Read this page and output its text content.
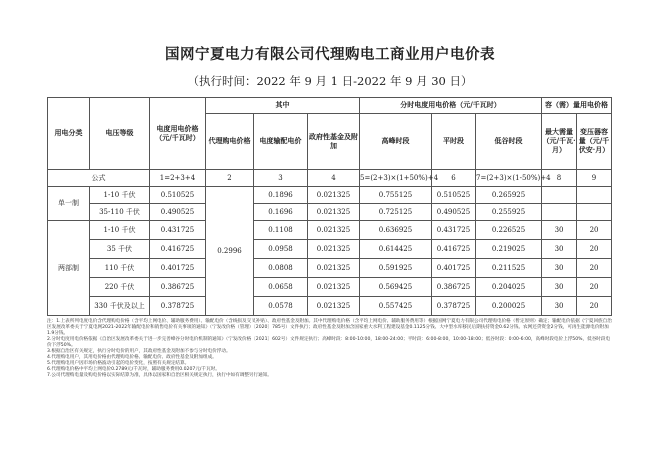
国网宁夏电力有限公司代理购电工商业用户电价表
（执行时间：2022 年 9 月 1 日-2022 年 9 月 30 日）
用电分类	电压等级	电度用电价格（元/千瓦时）	其中			分时电度用电价格（元/千瓦时）			容（需）量用电价格	
			代理购电价格	电度输配电价	政府性基金及附加	高峰时段	平时段	低谷时段	最大需量（元/千瓦·月）	变压器容量（元/千伏安·月）
公式		1=2+3+4	2	3	4	5=(2+3)×(1+50%)+4	6	7=(2+3)×(1-50%)+4	8	9
单一制	1-10 千伏	0.510525	0.2996	0.1896	0.021325	0.755125	0.510525	0.265925		
	35-110 千伏	0.490525		0.1696	0.021325	0.725125	0.490525	0.255925		
两部制	1-10 千伏	0.431725		0.1108	0.021325	0.636925	0.431725	0.226525	30	20
	35 千伏	0.416725		0.0958	0.021325	0.614425	0.416725	0.219025	30	20
	110 千伏	0.401725		0.0808	0.021325	0.591925	0.401725	0.211525	30	20
	220 千伏	0.386725		0.0658	0.021325	0.569425	0.386725	0.204025	30	20
	330 千伏及以上	0.378725		0.0578	0.021325	0.557425	0.378725	0.200025	30	20

注：1.上表所列电度电价含代理购电价格（含平均上网电价、辅助服务费用）、输配电价（含线损及交叉补贴）、政府性基金及附加。其中代理购电价格（含平均上网电价、辅助服务费用等）根据国网宁夏电力有限公司代理购电价格（暂定原则）确定；输配电价依据《宁夏回族自治区发展改革委关于宁夏电网2021-2022年输配电价和销售电价有关事项的通知》（宁发改价格（管理）〔2020〕785号）文件执行；政府性基金及附加含国家重大水利工程建设基金0.1125分钱、大中型水库移民后期扶持资金0.62分钱、农网还贷资金2分钱，可再生能源电价附加1.9分钱。

2.分时电度用电价格依据《自治区发展改革委关于进一步完善峰谷分时电价机制的通知》（宁发改价格〔2021〕602号）文件规定执行；高峰时段：8:00-10:00，18:00-24:00；平时段：6:00-8:00，10:00-18:00；低谷时段：0:00-6:00，高峰时段电价上浮50%，低谷时段电价下浮50%。

3.根据自治区有关规定，执行分时电价的用户，其政府性基金及附加不参与分时电价浮动。

4.代理购电用户，其用电价格由代理购电价格、输配电价、政府性基金及附加组成。

5.代理购电用户因市场价格波动引起的电价变化，按照有关规定结算。

6.代理购电价格中平均上网电价0.2789元/千瓦时，辅助服务费用0.0207元/千瓦时。

7.公司代理购电量及购电价格以实际结算为准，具体以国家和自治区相关规定执行，执行中如有调整另行通知。
